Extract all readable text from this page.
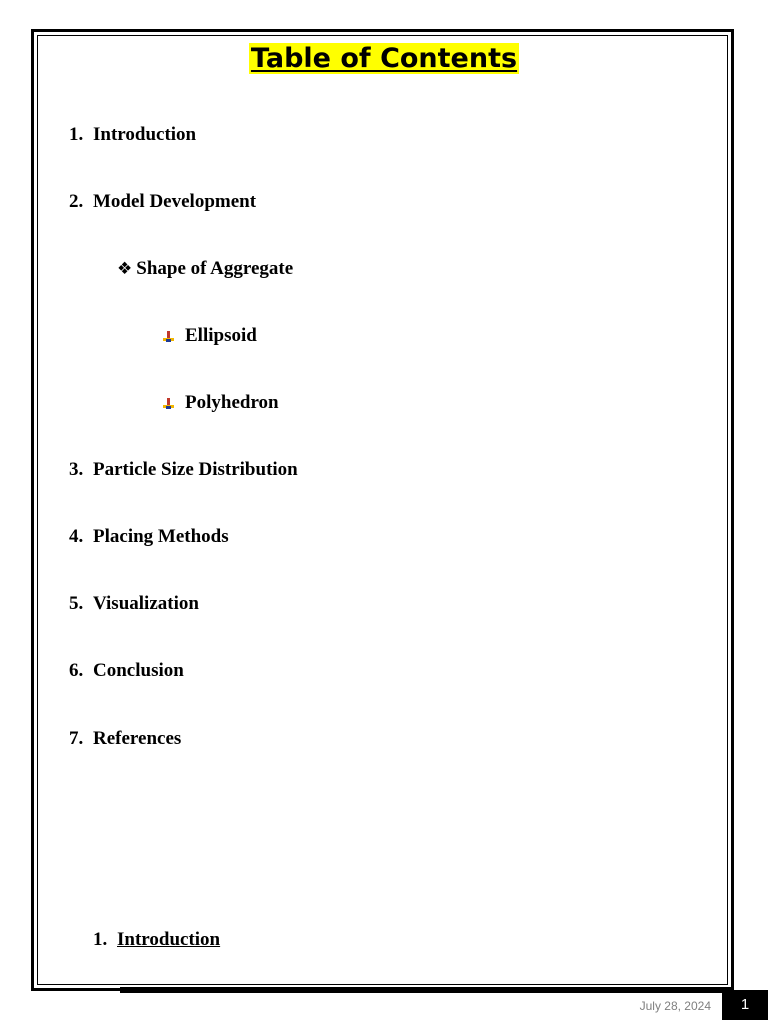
Table of Contents
1. Introduction
2. Model Development
❖ Shape of Aggregate
Ellipsoid
Polyhedron
3. Particle Size Distribution
4. Placing Methods
5. Visualization
6. Conclusion
7. References
1. Introduction
July 28, 2024	1
